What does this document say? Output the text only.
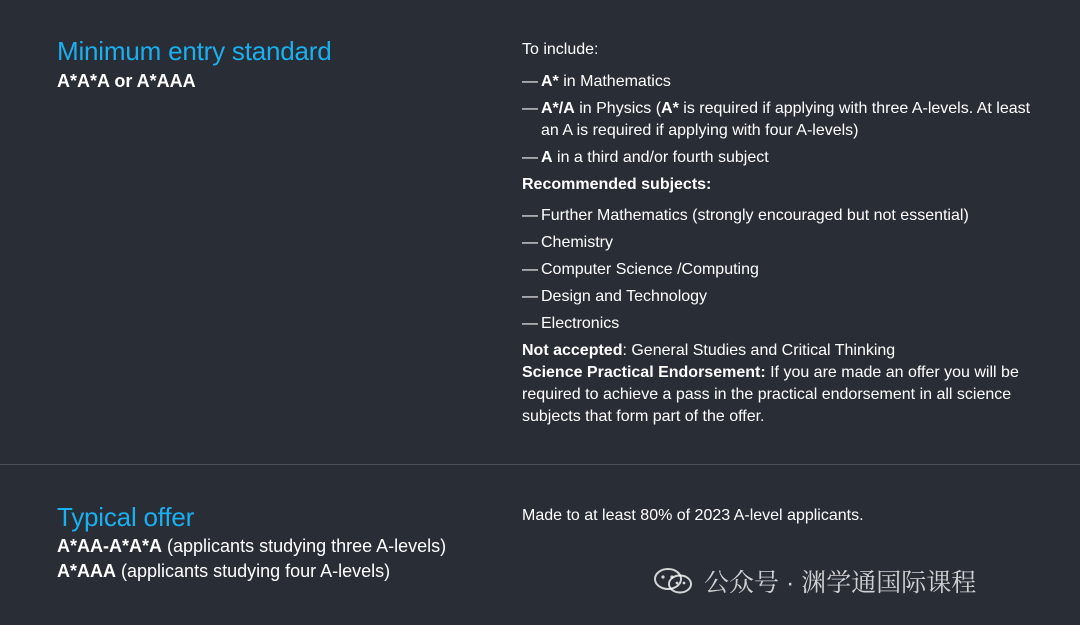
Minimum entry standard
A*A*A or A*AAA

To include:

— A* in Mathematics
— A*/A in Physics (A* is required if applying with three A-levels. At least an A is required if applying with four A-levels)
— A in a third and/or fourth subject

Recommended subjects:

— Further Mathematics (strongly encouraged but not essential)
— Chemistry
— Computer Science /Computing
— Design and Technology
— Electronics

Not accepted: General Studies and Critical Thinking

Science Practical Endorsement: If you are made an offer you will be required to achieve a pass in the practical endorsement in all science subjects that form part of the offer.

Typical offer
A*AA-A*A*A (applicants studying three A-levels)
A*AAA (applicants studying four A-levels)

Made to at least 80% of 2023 A-level applicants.

公众号 · 渊学通国际课程
